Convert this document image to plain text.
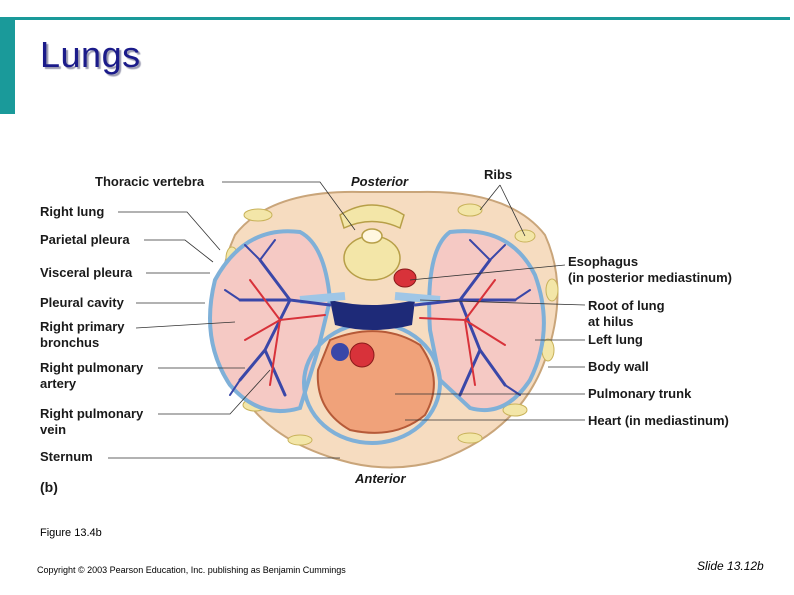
Lungs
Thoracic vertebra
Right lung
Parietal pleura
Visceral pleura
Pleural cavity
Right primary
bronchus
Right pulmonary
artery
Right pulmonary
vein
Sternum
(b)
Posterior
Anterior
Ribs
Esophagus
(in posterior mediastinum)
Root of lung
at hilus
Left lung
Body wall
Pulmonary trunk
Heart (in mediastinum)
Figure 13.4b
Copyright © 2003 Pearson Education, Inc. publishing as Benjamin Cummings	Slide 13.12b
